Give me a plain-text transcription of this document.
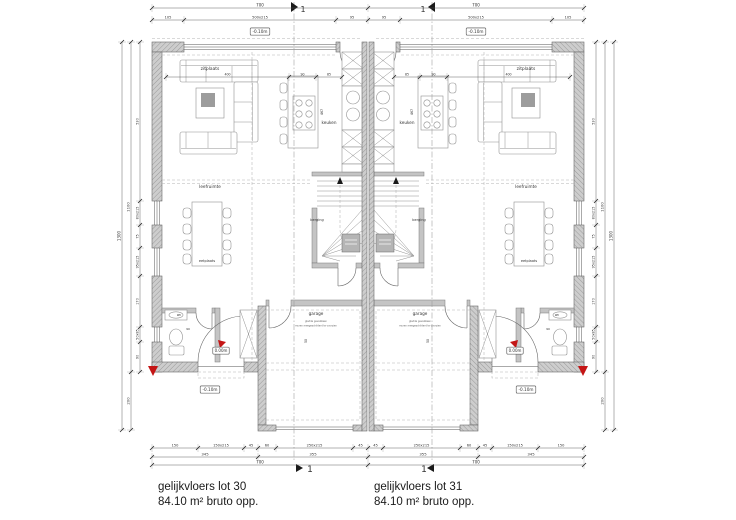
700	700
105	500x215	95	95	500x215	105
150	150x215	45	60	250x215	45	45	250x215	60	45	150x215	150
345	355	355	345
700	700
1300
1100
200
530
80x215
75
95x215
170
50x85
90
1300
1100
200
530
80x215
75
95x215
170
50x85
90
400	90	85	85	90	400
zitplaats	zitplaats
keuken	keuken
leefruimte	leefruimte
eetplaats	eetplaats
berging	berging
garage	garage
gladde gevelsteen
muren meegeschilderd te voorzien
gladde gevelsteen
muren meegeschilderd te voorzien
wc	wc
0.00m	0.00m
-0.10m	-0.10m
-0.10m	-0.10m
467	467
50	50
90	90
1	1
1	1
gelijkvloers lot 30
84.10 m² bruto opp.
gelijkvloers lot 31
84.10 m² bruto opp.
